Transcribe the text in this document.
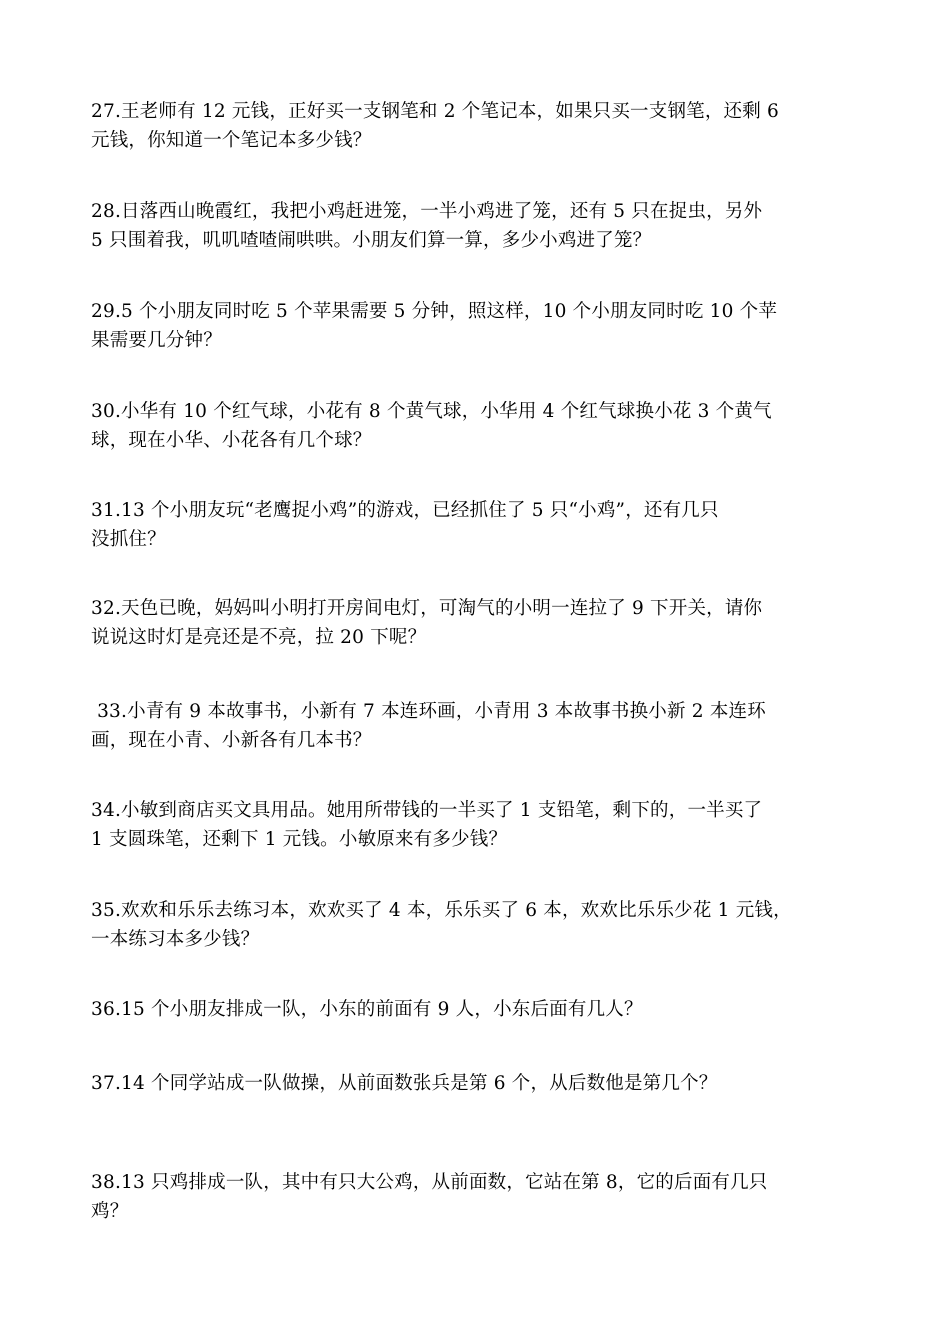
27.王老师有 12 元钱，正好买一支钢笔和 2 个笔记本，如果只买一支钢笔，还剩 6
元钱，你知道一个笔记本多少钱？
28.日落西山晚霞红，我把小鸡赶进笼，一半小鸡进了笼，还有 5 只在捉虫，另外
5 只围着我，叽叽喳喳闹哄哄。小朋友们算一算，多少小鸡进了笼？
29.5 个小朋友同时吃 5 个苹果需要 5 分钟，照这样，10 个小朋友同时吃 10 个苹
果需要几分钟？
30.小华有 10 个红气球，小花有 8 个黄气球，小华用 4 个红气球换小花 3 个黄气
球，现在小华、小花各有几个球？
31.13 个小朋友玩“老鹰捉小鸡”的游戏，已经抓住了 5 只“小鸡”，还有几只
没抓住？
32.天色已晚，妈妈叫小明打开房间电灯，可淘气的小明一连拉了 9 下开关，请你
说说这时灯是亮还是不亮，拉 20 下呢？
33.小青有 9 本故事书，小新有 7 本连环画，小青用 3 本故事书换小新 2 本连环
画，现在小青、小新各有几本书？
34.小敏到商店买文具用品。她用所带钱的一半买了 1 支铅笔，剩下的，一半买了
1 支圆珠笔，还剩下 1 元钱。小敏原来有多少钱？
35.欢欢和乐乐去练习本，欢欢买了 4 本，乐乐买了 6 本，欢欢比乐乐少花 1 元钱，
一本练习本多少钱？
36.15 个小朋友排成一队，小东的前面有 9 人，小东后面有几人？
37.14 个同学站成一队做操，从前面数张兵是第 6 个，从后数他是第几个？
38.13 只鸡排成一队，其中有只大公鸡，从前面数，它站在第 8，它的后面有几只
鸡？
